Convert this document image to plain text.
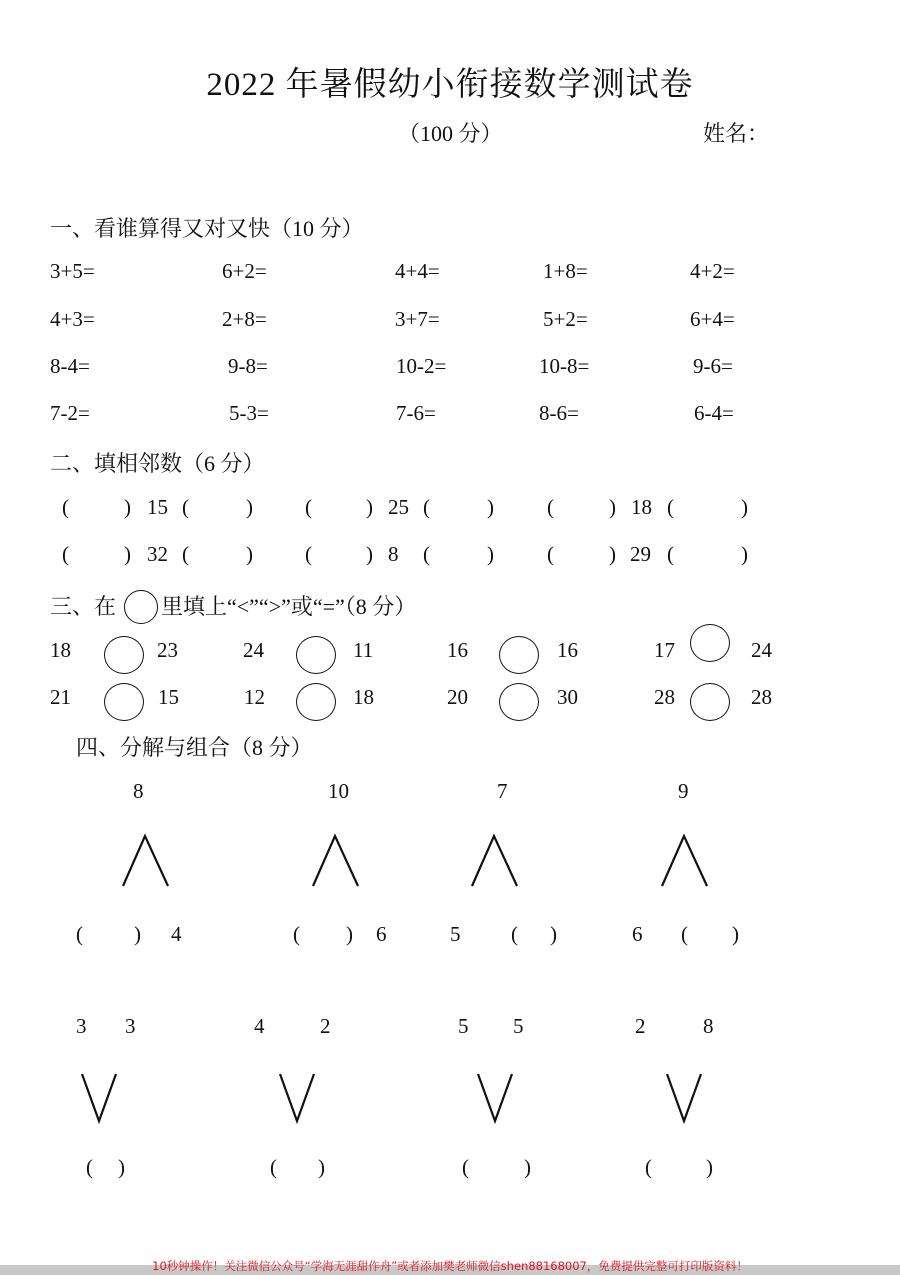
2022 年暑假幼小衔接数学测试卷
（100 分）	姓名：
一、看谁算得又对又快（10 分）
3+5=	6+2=	4+4=	1+8=	4+2=
4+3=	2+8=	3+7=	5+2=	6+4=
8-4=	9-8=	10-2=	10-8=	9-6=
7-2=	5-3=	7-6=	8-6=	6-4=
二、填相邻数（6 分）
(	) 15 (	) (	) 25 (	)	(	) 18 (	)
(	) 32 (	) (	) 8 (	)	(	) 29 (	)
三、在 里填上“<”“>”或“=”（8 分）
18	23	24	11	16	16	17	24
21	15	12	18	20	30	28	28
四、分解与组合（8 分）
8
( ) 4
10
( ) 6
7
5 ( )
9
6 ( )
3 3
( )
4	2
( )
5 5
(	)
2	8
(	)
10秒钟操作！关注微信公众号“学海无涯甜作舟”或者添加樊老师微信shen88168007，免费提供完整可打印版资料！
